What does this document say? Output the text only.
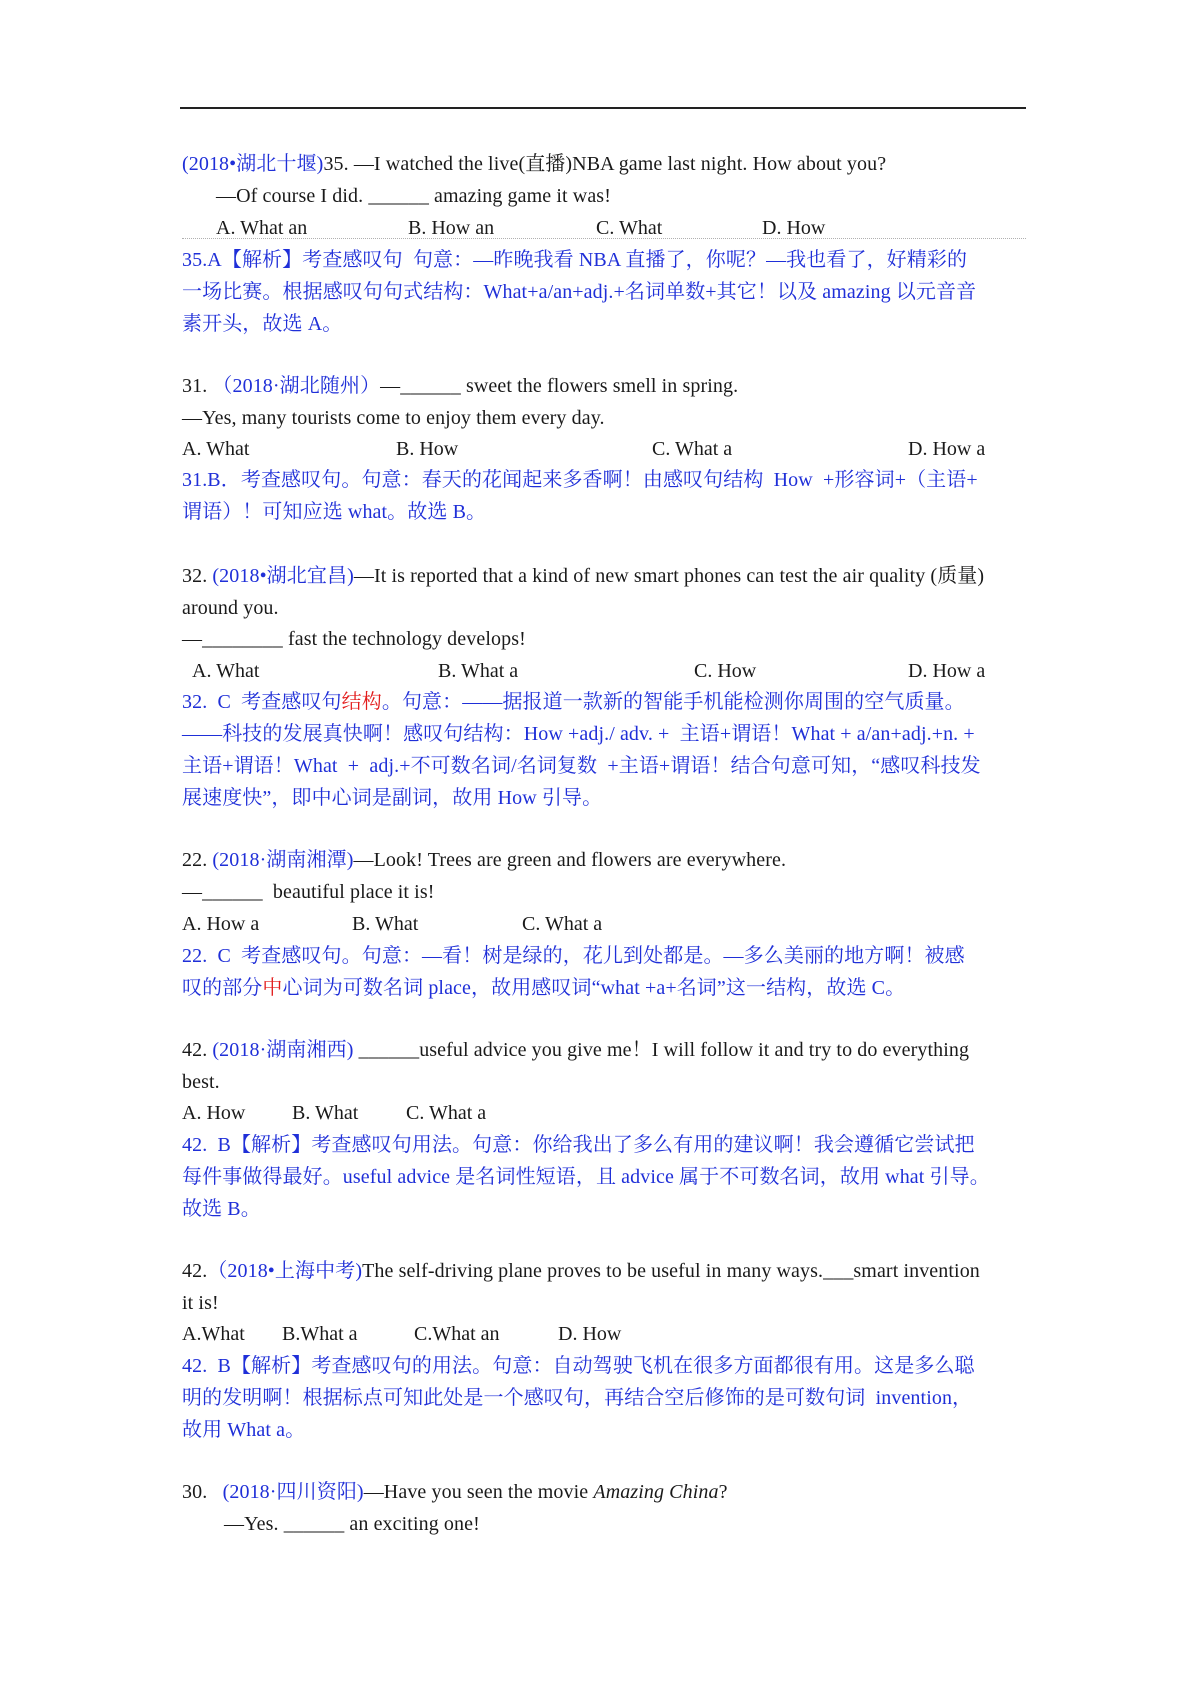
(2018•湖北十堰)35. —I watched the live(直播)NBA game last night. How about you?
—Of course I did. ______ amazing game it was!
A. What an	B. How an	C. What	D. How
35.A【解析】考查感叹句  句意：—昨晚我看 NBA 直播了，你呢？—我也看了，好精彩的
一场比赛。根据感叹句句式结构：What+a/an+adj.+名词单数+其它！以及 amazing 以元音音
素开头，故选 A。
31. （2018·湖北随州）—______ sweet the flowers smell in spring.
—Yes, many tourists come to enjoy them every day.
A. What	B. How	C. What a	D. How a
31.B．考查感叹句。句意：春天的花闻起来多香啊！由感叹句结构  How  +形容词+（主语+
谓语）！可知应选 what。故选 B。
32. (2018•湖北宜昌)—It is reported that a kind of new smart phones can test the air quality (质量)
around you.
—________ fast the technology develops!
A. What	B. What a	C. How	D. How a
32.  C  考查感叹句结构。句意：——据报道一款新的智能手机能检测你周围的空气质量。
——科技的发展真快啊！感叹句结构：How +adj./ adv. +  主语+谓语！What + a/an+adj.+n. +
主语+谓语！What  +  adj.+不可数名词/名词复数  +主语+谓语！结合句意可知，“感叹科技发
展速度快”，即中心词是副词，故用 How 引导。
22. (2018·湖南湘潭)—Look! Trees are green and flowers are everywhere.
—______  beautiful place it is!
A. How a	B. What	C. What a
22.  C  考查感叹句。句意：—看！树是绿的，花儿到处都是。—多么美丽的地方啊！被感
叹的部分中心词为可数名词 place，故用感叹词“what +a+名词”这一结构，故选 C。
42. (2018·湖南湘西) ______useful advice you give me！I will follow it and try to do everything
best.
A. How B. What C. What a
42.  B【解析】考查感叹句用法。句意：你给我出了多么有用的建议啊！我会遵循它尝试把
每件事做得最好。useful advice 是名词性短语，且 advice 属于不可数名词，故用 what 引导。
故选 B。
42.（2018•上海中考)The self-driving plane proves to be useful in many ways.___smart invention
it is!
A.What B.What a	C.What an	D. How
42.  B【解析】考查感叹句的用法。句意：自动驾驶飞机在很多方面都很有用。这是多么聪
明的发明啊！根据标点可知此处是一个感叹句，再结合空后修饰的是可数句词  invention，
故用 What a。
30.   (2018·四川资阳)—Have you seen the movie Amazing China?
—Yes. ______ an exciting one!
